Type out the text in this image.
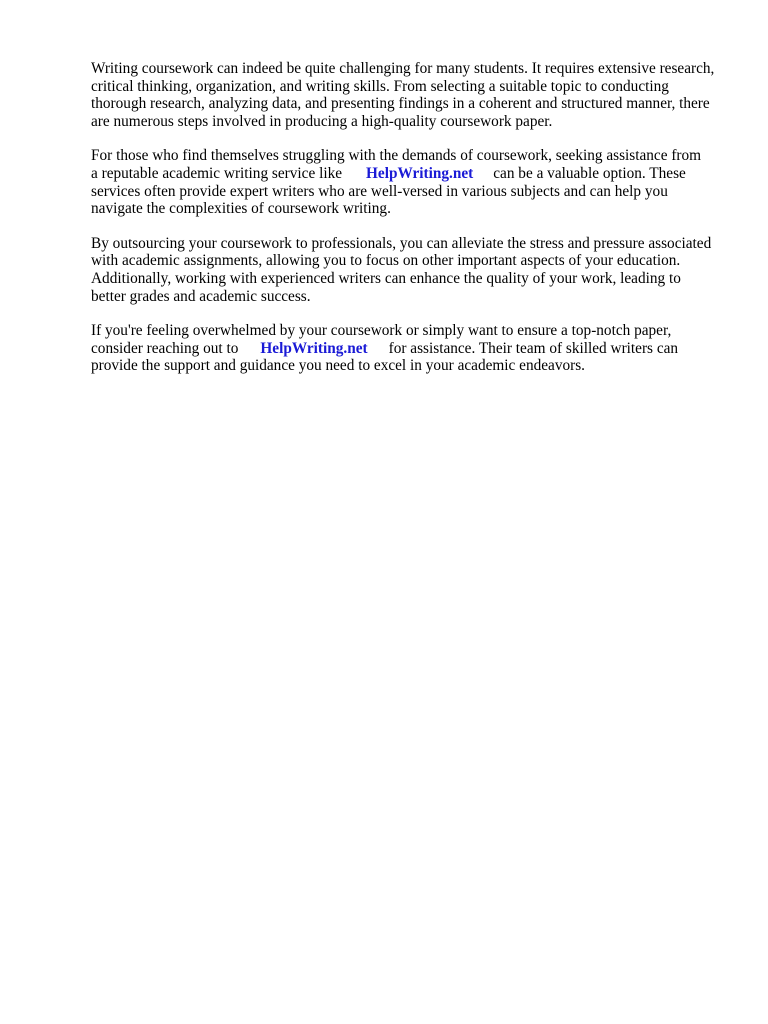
Writing coursework can indeed be quite challenging for many students. It requires extensive research,
critical thinking, organization, and writing skills. From selecting a suitable topic to conducting
thorough research, analyzing data, and presenting findings in a coherent and structured manner, there
are numerous steps involved in producing a high-quality coursework paper.
For those who find themselves struggling with the demands of coursework, seeking assistance from
a reputable academic writing service like HelpWriting.net can be a valuable option. These
services often provide expert writers who are well-versed in various subjects and can help you
navigate the complexities of coursework writing.
By outsourcing your coursework to professionals, you can alleviate the stress and pressure associated
with academic assignments, allowing you to focus on other important aspects of your education.
Additionally, working with experienced writers can enhance the quality of your work, leading to
better grades and academic success.
If you're feeling overwhelmed by your coursework or simply want to ensure a top-notch paper,
consider reaching out to HelpWriting.net for assistance. Their team of skilled writers can
provide the support and guidance you need to excel in your academic endeavors.
